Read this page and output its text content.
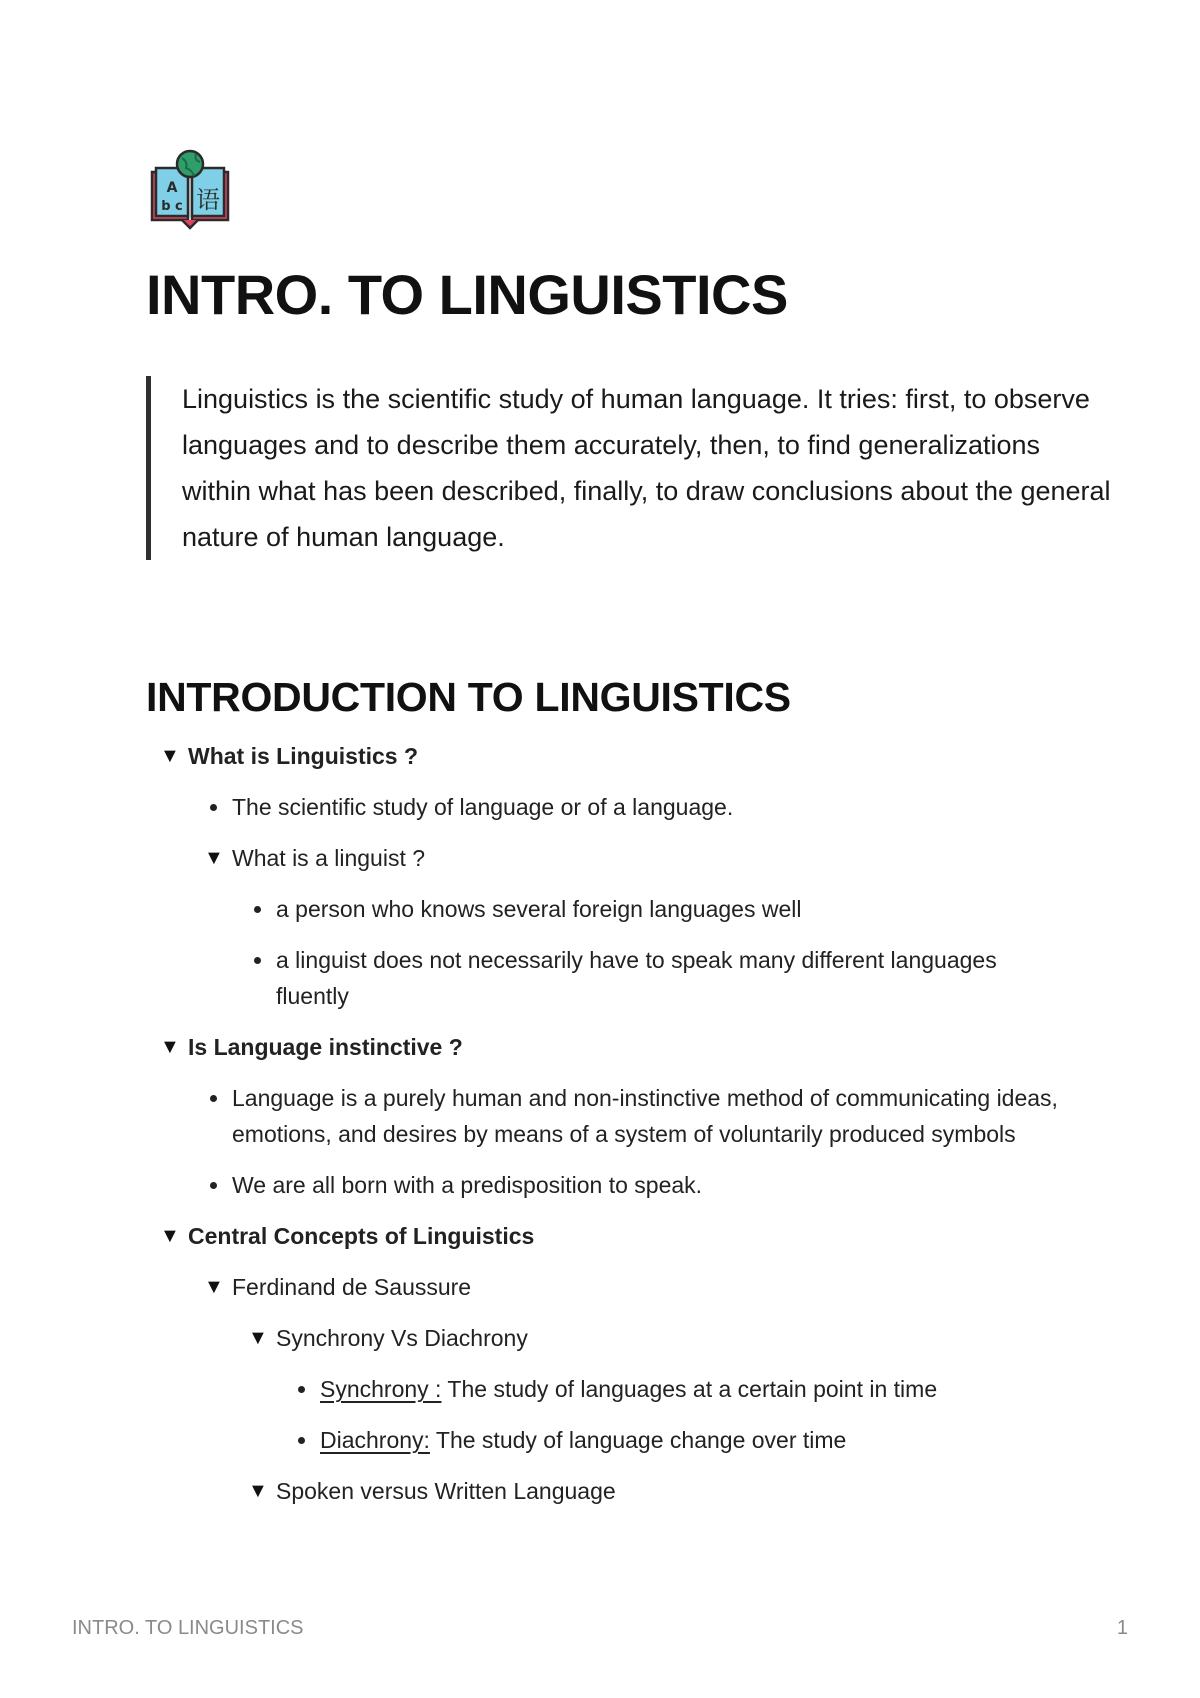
A
b c 语
INTRO. TO LINGUISTICS
Linguistics is the scientific study of human language. It tries: first, to observe languages and to describe them accurately, then, to find generalizations within what has been described, finally, to draw conclusions about the general nature of human language.
INTRODUCTION TO LINGUISTICS
▼ What is Linguistics ?
The scientific study of language or of a language.
▼ What is a linguist ?
a person who knows several foreign languages well
a linguist does not necessarily have to speak many different languages fluently
▼ Is Language instinctive ?
Language is a purely human and non-instinctive method of communicating ideas, emotions, and desires by means of a system of voluntarily produced symbols
We are all born with a predisposition to speak.
▼ Central Concepts of Linguistics
▼ Ferdinand de Saussure
▼ Synchrony Vs Diachrony
Synchrony : The study of languages at a certain point in time
Diachrony: The study of language change over time
▼ Spoken versus Written Language
INTRO. TO LINGUISTICS	1
